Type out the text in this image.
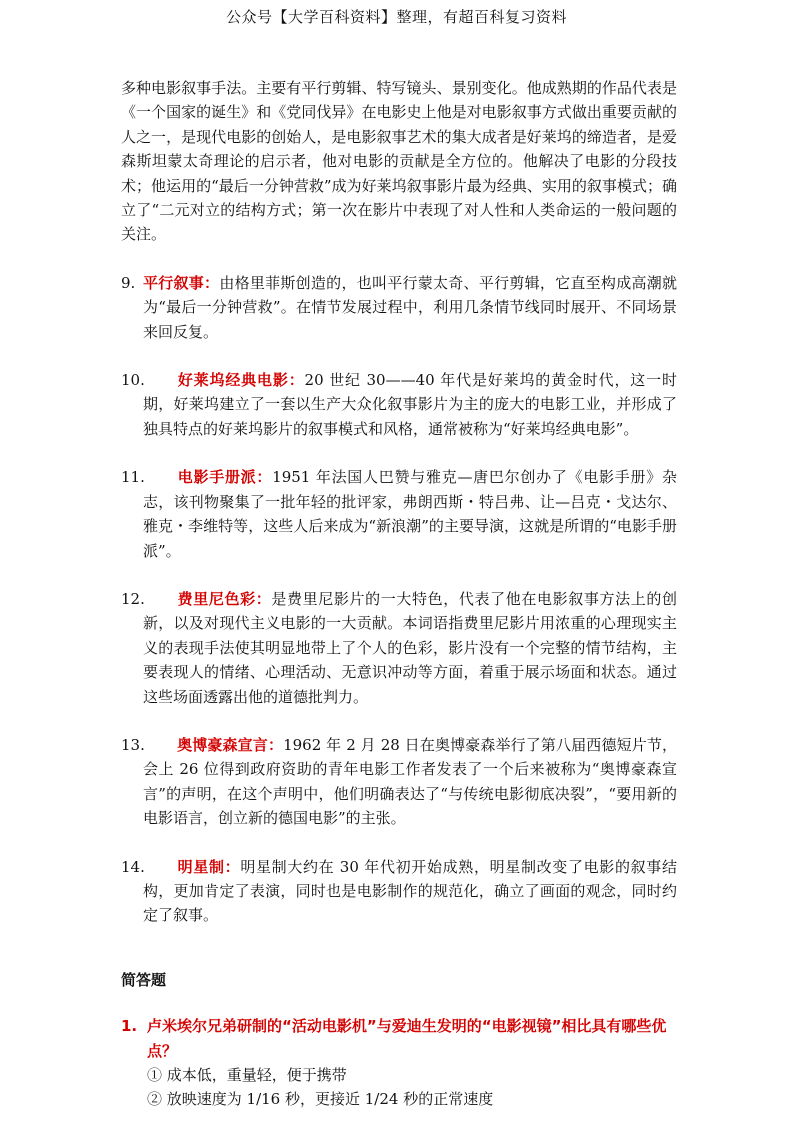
公众号【大学百科资料】整理，有超百科复习资料

多种电影叙事手法。主要有平行剪辑、特写镜头、景别变化。他成熟期的作品代表是《一个国家的诞生》和《党同伐异》在电影史上他是对电影叙事方式做出重要贡献的人之一，是现代电影的创始人，是电影叙事艺术的集大成者是好莱坞的缔造者，是爱森斯坦蒙太奇理论的启示者，他对电影的贡献是全方位的。他解决了电影的分段技术；他运用的“最后一分钟营救”成为好莱坞叙事影片最为经典、实用的叙事模式；确立了“二元对立的结构方式；第一次在影片中表现了对人性和人类命运的一般问题的关注。

9. 平行叙事：由格里菲斯创造的，也叫平行蒙太奇、平行剪辑，它直至构成高潮就为“最后一分钟营救”。在情节发展过程中，利用几条情节线同时展开、不同场景来回反复。
10.	好莱坞经典电影：20 世纪 30——40 年代是好莱坞的黄金时代，这一时期，好莱坞建立了一套以生产大众化叙事影片为主的庞大的电影工业，并形成了独具特点的好莱坞影片的叙事模式和风格，通常被称为“好莱坞经典电影”。
11.	电影手册派：1951 年法国人巴赞与雅克—唐巴尔创办了《电影手册》杂志，该刊物聚集了一批年轻的批评家，弗朗西斯・特吕弗、让—吕克・戈达尔、雅克・李维特等，这些人后来成为“新浪潮”的主要导演，这就是所谓的“电影手册派”。
12.	费里尼色彩：是费里尼影片的一大特色，代表了他在电影叙事方法上的创新，以及对现代主义电影的一大贡献。本词语指费里尼影片用浓重的心理现实主义的表现手法使其明显地带上了个人的色彩，影片没有一个完整的情节结构，主要表现人的情绪、心理活动、无意识冲动等方面，着重于展示场面和状态。通过这些场面透露出他的道德批判力。
13.	奥博豪森宣言：1962 年 2 月 28 日在奥博豪森举行了第八届西德短片节，会上 26 位得到政府资助的青年电影工作者发表了一个后来被称为“奥博豪森宣言”的声明，在这个声明中，他们明确表达了“与传统电影彻底决裂”，“要用新的电影语言，创立新的德国电影”的主张。
14.	明星制：明星制大约在 30 年代初开始成熟，明星制改变了电影的叙事结构，更加肯定了表演，同时也是电影制作的规范化，确立了画面的观念，同时约定了叙事。
简答题
1. 卢米埃尔兄弟研制的“活动电影机”与爱迪生发明的“电影视镜”相比具有哪些优点？
① 成本低，重量轻，便于携带
② 放映速度为 1/16 秒，更接近 1/24 秒的正常速度
